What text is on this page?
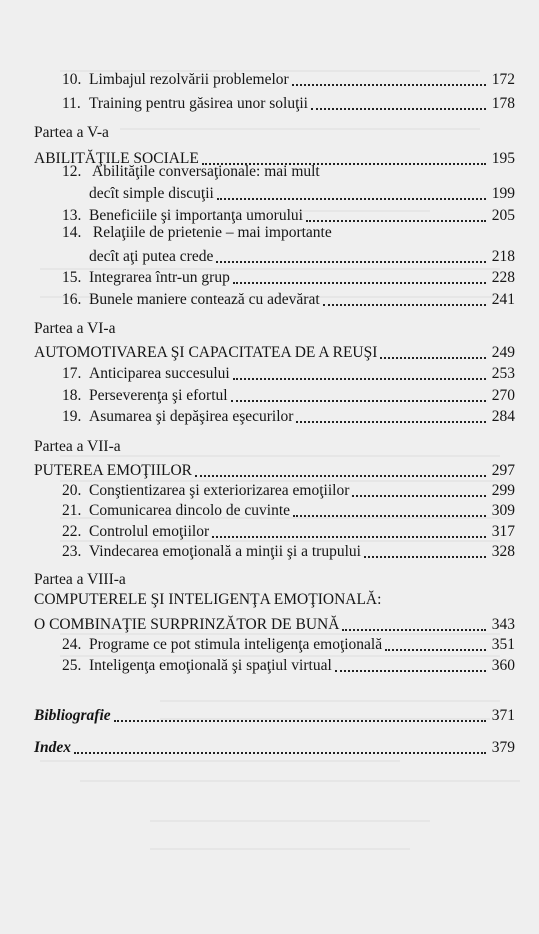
10. Limbajul rezolvării problemelor	172
11. Training pentru găsirea unor soluţii	178
Partea a V-a
ABILITĂŢILE SOCIALE	195
12. Abilităţile conversaţionale: mai mult
decît simple discuţii	199
13. Beneficiile şi importanţa umorului	205
14. Relaţiile de prietenie – mai importante
decît aţi putea crede	218
15. Integrarea într-un grup	228
16. Bunele maniere contează cu adevărat	241
Partea a VI-a
AUTOMOTIVAREA ŞI CAPACITATEA DE A REUŞI	249
17. Anticiparea succesului	253
18. Perseverenţa şi efortul	270
19. Asumarea şi depăşirea eşecurilor	284
Partea a VII-a
PUTEREA EMOŢIILOR	297
20. Conştientizarea şi exteriorizarea emoţiilor	299
21. Comunicarea dincolo de cuvinte	309
22. Controlul emoţiilor	317
23. Vindecarea emoţională a minţii şi a trupului	328
Partea a VIII-a
COMPUTERELE ŞI INTELIGENŢA EMOŢIONALĂ:
O COMBINAŢIE SURPRINZĂTOR DE BUNĂ	343
24. Programe ce pot stimula inteligenţa emoţională	351
25. Inteligenţa emoţională şi spaţiul virtual	360
Bibliografie	371
Index	379
